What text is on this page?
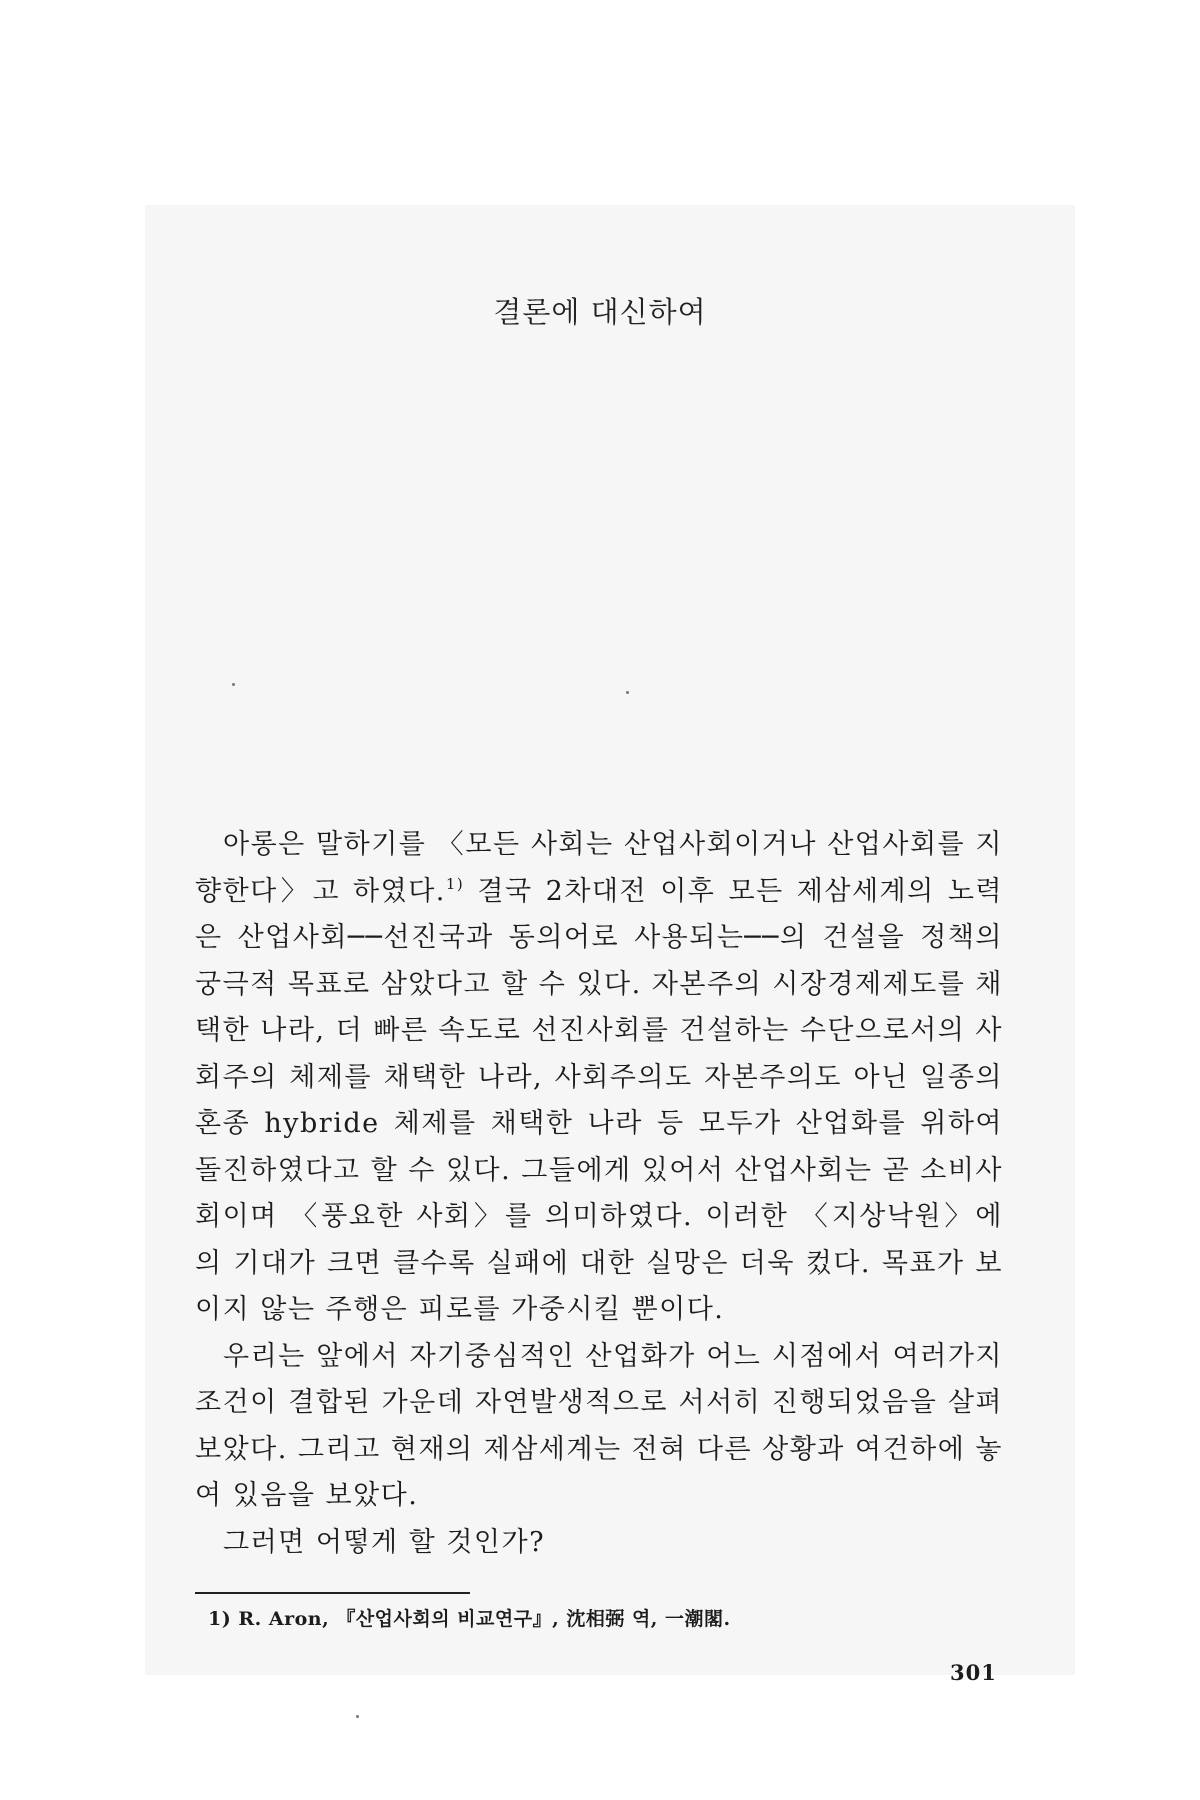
결론에 대신하여

아롱은 말하기를 〈모든 사회는 산업사회이거나 산업사회를 지향한다〉고 하였다.$^{1)}$ 결국 2차대전 이후 모든 제삼세계의 노력은 산업사회──선진국과 동의어로 사용되는──의 건설을 정책의 궁극적 목표로 삼았다고 할 수 있다. 자본주의 시장경제제도를 채택한 나라, 더 빠른 속도로 선진사회를 건설하는 수단으로서의 사회주의 체제를 채택한 나라, 사회주의도 자본주의도 아닌 일종의 혼종 hybride 체제를 채택한 나라 등 모두가 산업화를 위하여 돌진하였다고 할 수 있다. 그들에게 있어서 산업사회는 곧 소비사회이며 〈풍요한 사회〉를 의미하였다. 이러한 〈지상낙원〉에의 기대가 크면 클수록 실패에 대한 실망은 더욱 컸다. 목표가 보이지 않는 주행은 피로를 가중시킬 뿐이다.

우리는 앞에서 자기중심적인 산업화가 어느 시점에서 여러가지 조건이 결합된 가운데 자연발생적으로 서서히 진행되었음을 살펴보았다. 그리고 현재의 제삼세계는 전혀 다른 상황과 여건하에 놓여 있음을 보았다.

그러면 어떻게 할 것인가?

1) R. Aron, 『산업사회의 비교연구』, 沈相弼 역, 一潮閣.
301
